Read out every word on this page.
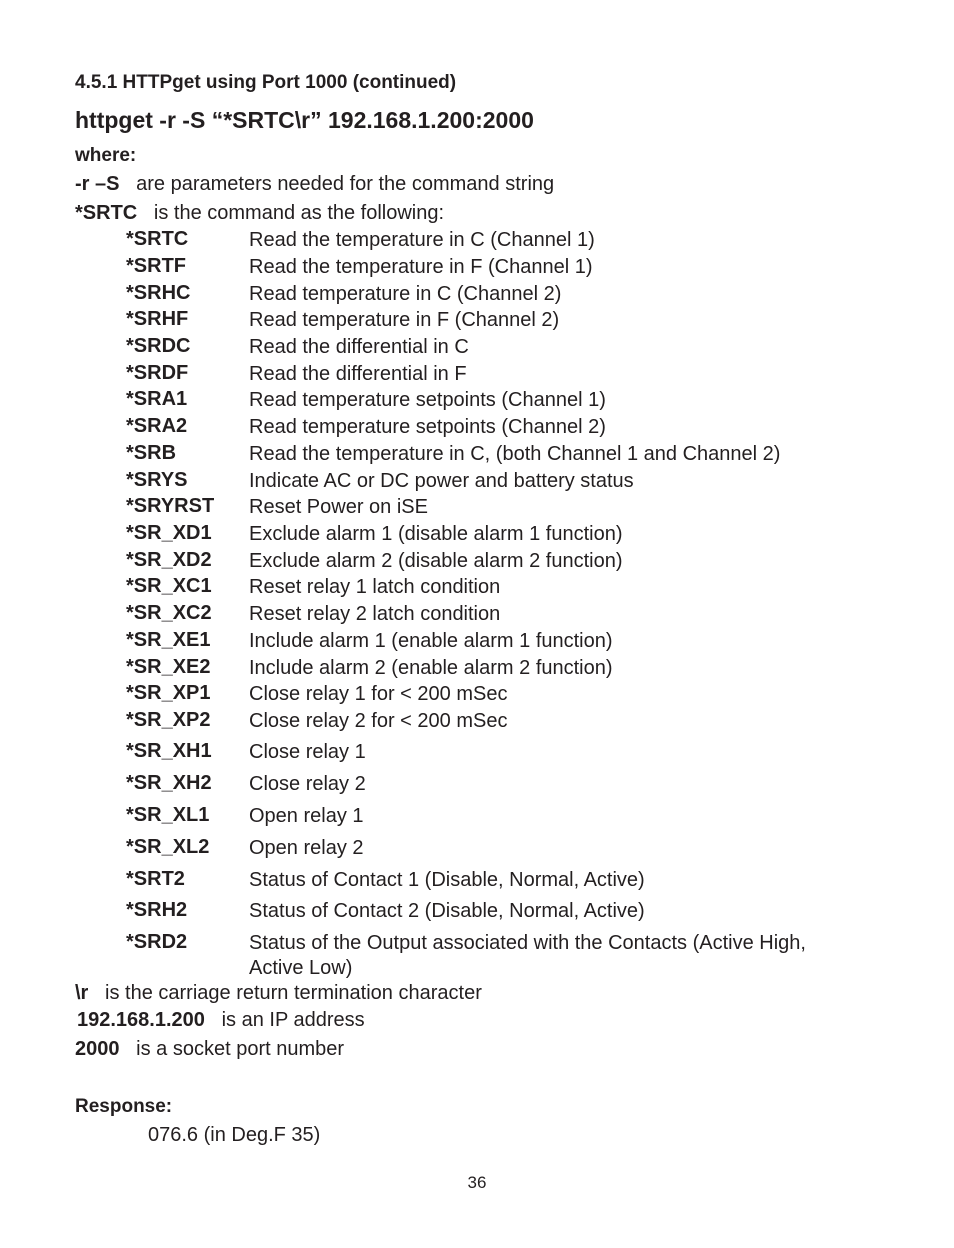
4.5.1 HTTPget using Port 1000 (continued)
httpget -r -S “*SRTC\r” 192.168.1.200:2000
where:
-r –S are parameters needed for the command string
*SRTC is the command as the following:
*SRTC	Read the temperature in C (Channel 1)
*SRTF	Read the temperature in F (Channel 1)
*SRHC	Read temperature in C (Channel 2)
*SRHF	Read temperature in F (Channel 2)
*SRDC	Read the differential in C
*SRDF	Read the differential in F
*SRA1	Read temperature setpoints (Channel 1)
*SRA2	Read temperature setpoints (Channel 2)
*SRB	Read the temperature in C, (both Channel 1 and Channel 2)
*SRYS	Indicate AC or DC power and battery status
*SRYRST Reset Power on iSE
*SR_XD1 Exclude alarm 1 (disable alarm 1 function)
*SR_XD2 Exclude alarm 2 (disable alarm 2 function)
*SR_XC1 Reset relay 1 latch condition
*SR_XC2 Reset relay 2 latch condition
*SR_XE1 Include alarm 1 (enable alarm 1 function)
*SR_XE2 Include alarm 2 (enable alarm 2 function)
*SR_XP1 Close relay 1 for < 200 mSec
*SR_XP2 Close relay 2 for < 200 mSec
*SR_XH1 Close relay 1
*SR_XH2 Close relay 2
*SR_XL1 Open relay 1
*SR_XL2 Open relay 2
*SRT2	Status of Contact 1 (Disable, Normal, Active)
*SRH2	Status of Contact 2 (Disable, Normal, Active)
*SRD2	Status of the Output associated with the Contacts (Active High, Active Low)
\r is the carriage return termination character
192.168.1.200 is an IP address
2000 is a socket port number
Response:
076.6 (in Deg.F 35)
36
